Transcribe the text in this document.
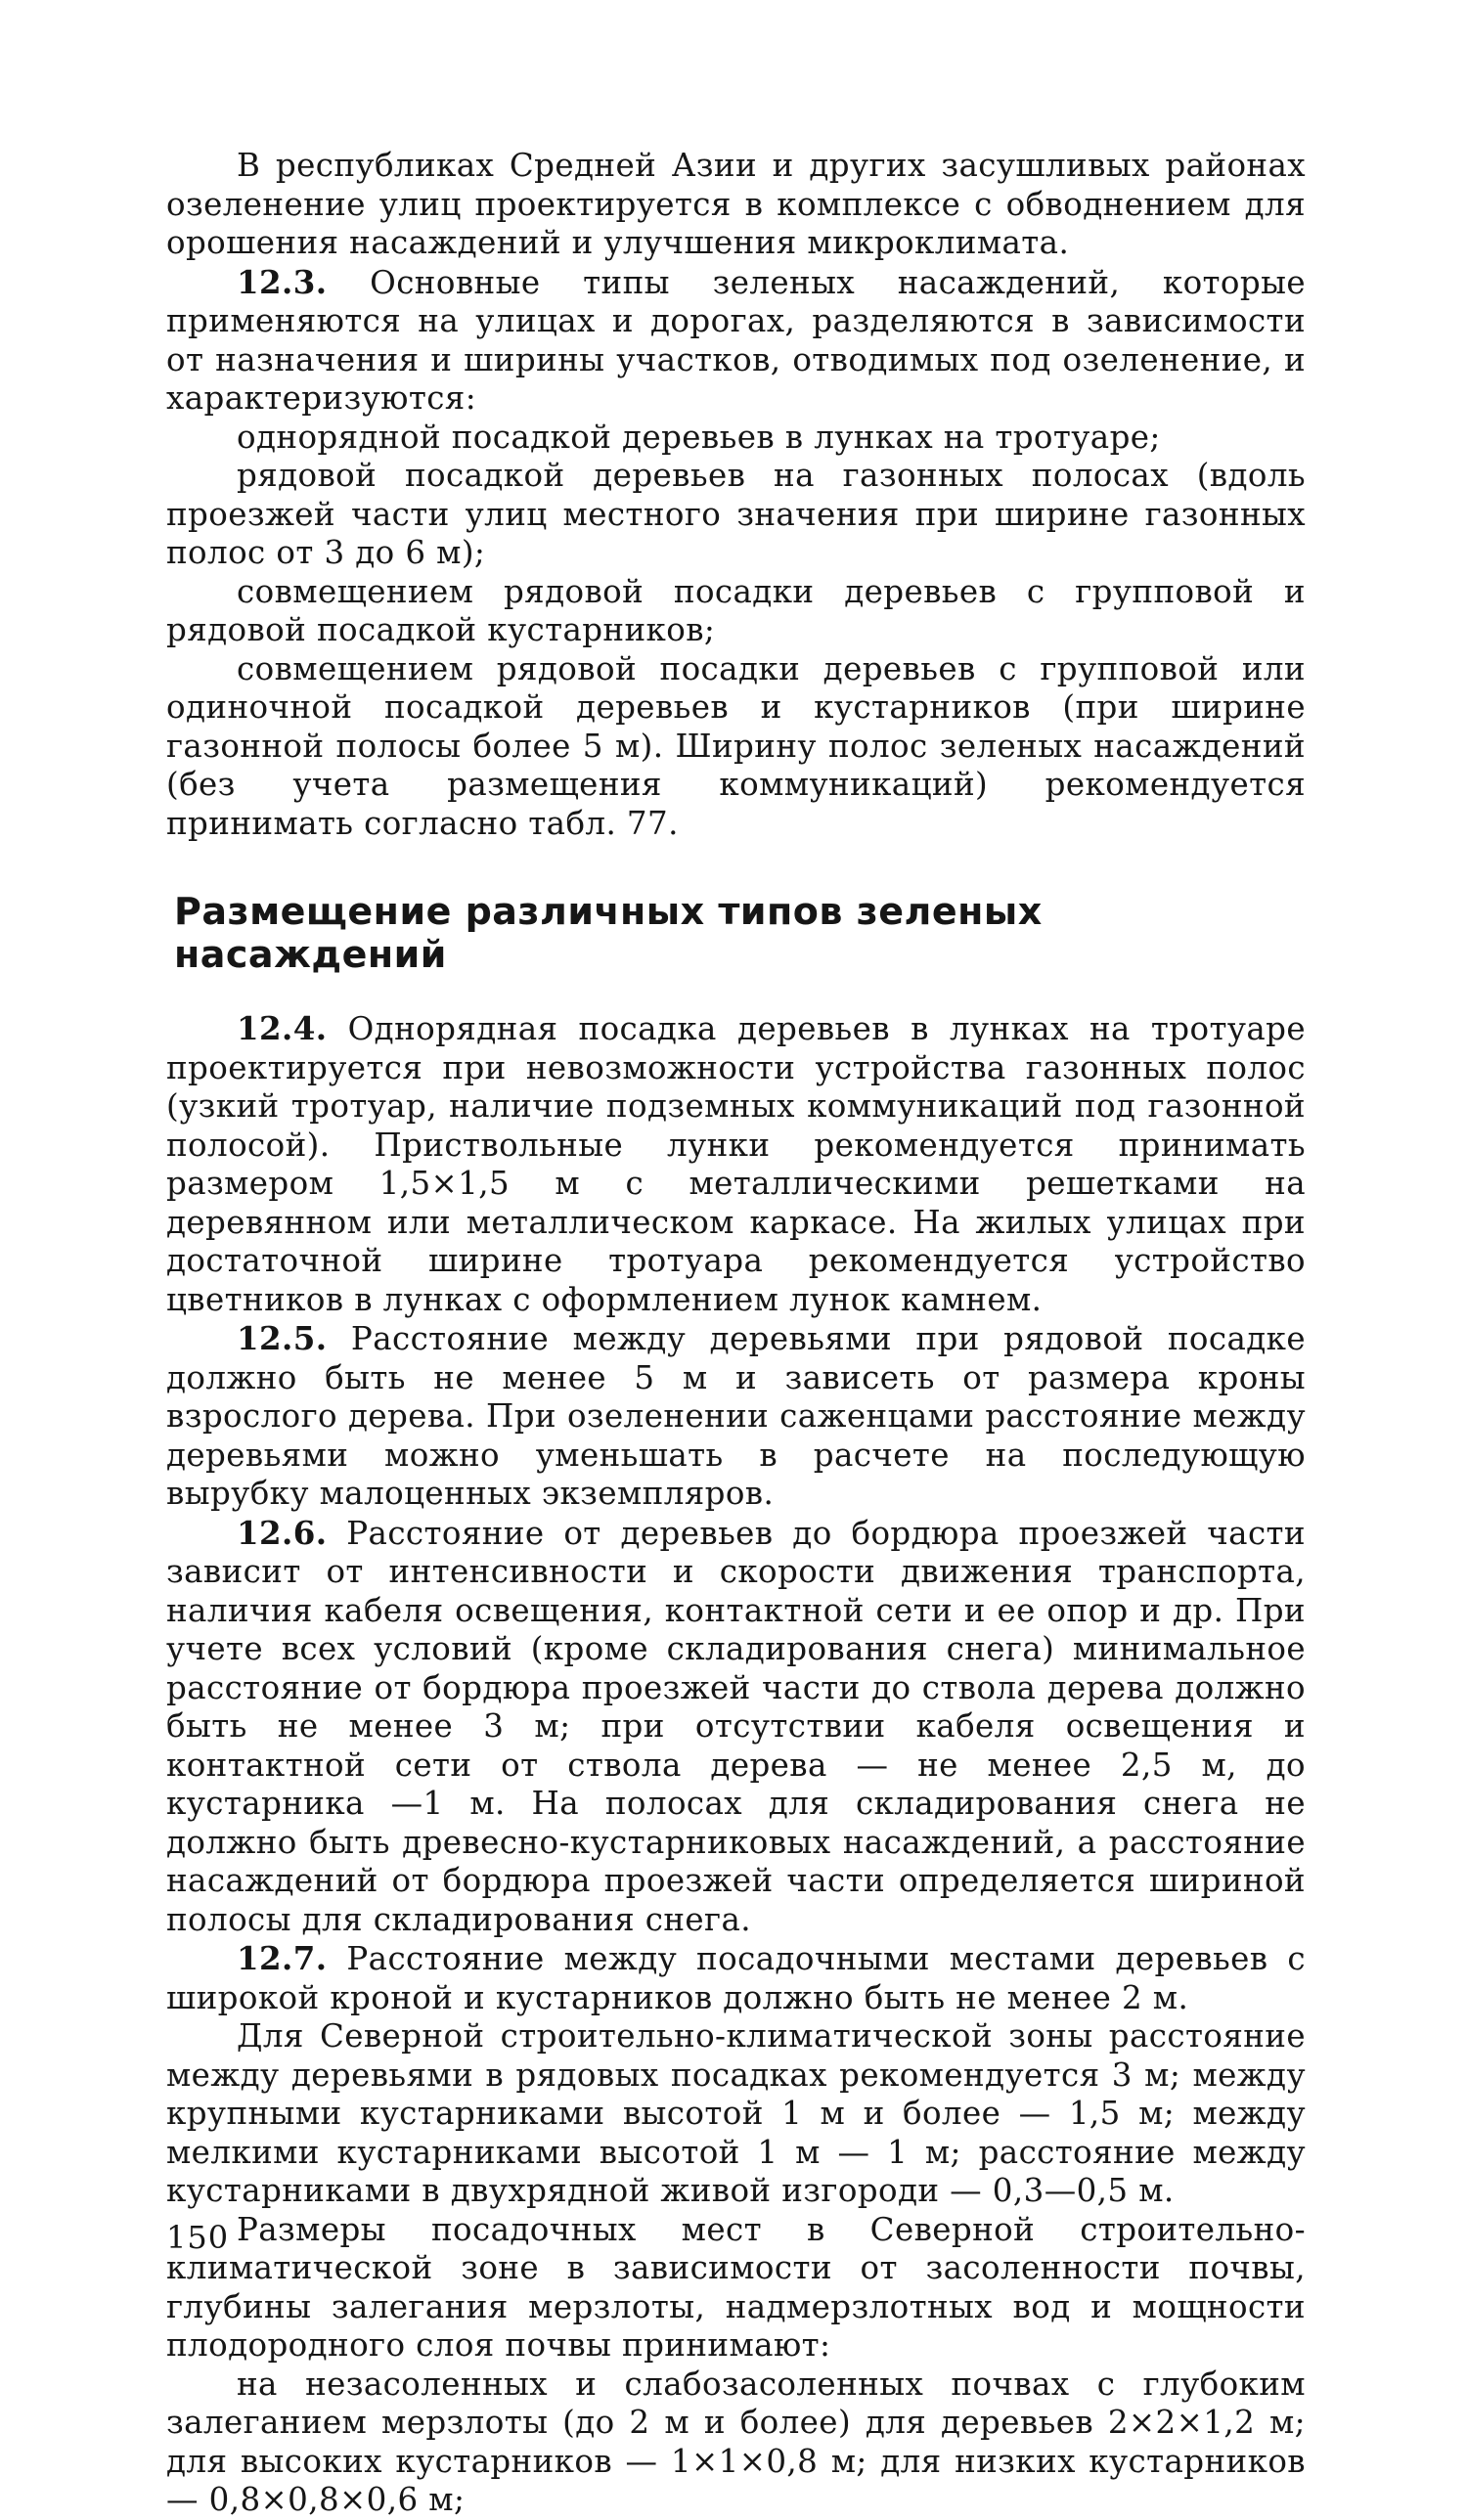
В республиках Средней Азии и других засушливых районах озеленение улиц проектируется в комплексе с обводнением для орошения насаждений и улучшения микроклимата.

12.3. Основные типы зеленых насаждений, которые применяются на улицах и дорогах, разделяются в зависимости от назначения и ширины участков, отводимых под озеленение, и характеризуются:

однорядной посадкой деревьев в лунках на тротуаре;

рядовой посадкой деревьев на газонных полосах (вдоль проезжей части улиц местного значения при ширине газонных полос от 3 до 6 м);

совмещением рядовой посадки деревьев с групповой и рядовой посадкой кустарников;

совмещением рядовой посадки деревьев с групповой или одиночной посадкой деревьев и кустарников (при ширине газонной полосы более 5 м). Ширину полос зеленых насаждений (без учета размещения коммуникаций) рекомендуется принимать согласно табл. 77.

Размещение различных типов зеленых насаждений

12.4. Однорядная посадка деревьев в лунках на тротуаре проектируется при невозможности устройства газонных полос (узкий тротуар, наличие подземных коммуникаций под газонной полосой). Приствольные лунки рекомендуется принимать размером 1,5×1,5 м с металлическими решетками на деревянном или металлическом каркасе. На жилых улицах при достаточной ширине тротуара рекомендуется устройство цветников в лунках с оформлением лунок камнем.

12.5. Расстояние между деревьями при рядовой посадке должно быть не менее 5 м и зависеть от размера кроны взрослого дерева. При озеленении саженцами расстояние между деревьями можно уменьшать в расчете на последующую вырубку малоценных экземпляров.

12.6. Расстояние от деревьев до бордюра проезжей части зависит от интенсивности и скорости движения транспорта, наличия кабеля освещения, контактной сети и ее опор и др. При учете всех условий (кроме складирования снега) минимальное расстояние от бордюра проезжей части до ствола дерева должно быть не менее 3 м; при отсутствии кабеля освещения и контактной сети от ствола дерева — не менее 2,5 м, до кустарника —1 м. На полосах для складирования снега не должно быть древесно-кустарниковых насаждений, а расстояние насаждений от бордюра проезжей части определяется шириной полосы для складирования снега.

12.7. Расстояние между посадочными местами деревьев с широкой кроной и кустарников должно быть не менее 2 м.

Для Северной строительно-климатической зоны расстояние между деревьями в рядовых посадках рекомендуется 3 м; между крупными кустарниками высотой 1 м и более — 1,5 м; между мелкими кустарниками высотой 1 м — 1 м; расстояние между кустарниками в двухрядной живой изгороди — 0,3—0,5 м.

Размеры посадочных мест в Северной строительно-климатической зоне в зависимости от засоленности почвы, глубины залегания мерзлоты, надмерзлотных вод и мощности плодородного слоя почвы принимают:

на незасоленных и слабозасоленных почвах с глубоким залеганием мерзлоты (до 2 м и более) для деревьев 2×2×1,2 м; для высоких кустарников — 1×1×0,8 м; для низких кустарников — 0,8×0,8×0,6 м;

150
